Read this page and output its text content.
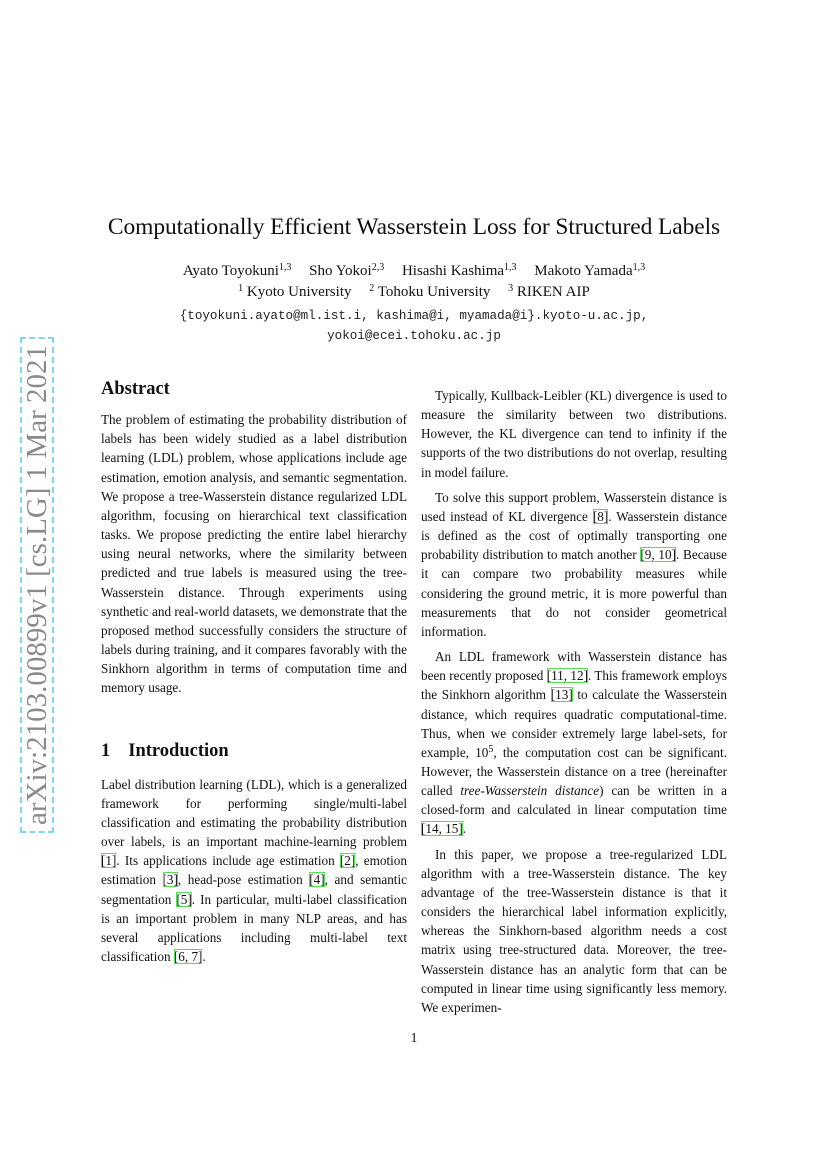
arXiv:2103.00899v1 [cs.LG] 1 Mar 2021
Computationally Efficient Wasserstein Loss for Structured Labels
Ayato Toyokuni$^{1,3}$ Sho Yokoi$^{2,3}$ Hisashi Kashima$^{1,3}$ Makoto Yamada$^{1,3}$
$^1$ Kyoto University $^2$ Tohoku University $^3$ RIKEN AIP
{toyokuni.ayato@ml.ist.i, kashima@i, myamada@i}.kyoto-u.ac.jp,
yokoi@ecei.tohoku.ac.jp
Abstract

The problem of estimating the probability distribution of labels has been widely studied as a label distribution learning (LDL) problem, whose applications include age estimation, emotion analysis, and semantic segmentation. We propose a tree-Wasserstein distance regularized LDL algorithm, focusing on hierarchical text classification tasks. We propose predicting the entire label hierarchy using neural networks, where the similarity between predicted and true labels is measured using the tree-Wasserstein distance. Through experiments using synthetic and real-world datasets, we demonstrate that the proposed method successfully considers the structure of labels during training, and it compares favorably with the Sinkhorn algorithm in terms of computation time and memory usage.

1 Introduction

Label distribution learning (LDL), which is a generalized framework for performing single/multi-label classification and estimating the probability distribution over labels, is an important machine-learning problem [1]. Its applications include age estimation [2], emotion estimation [3], head-pose estimation [4], and semantic segmentation [5]. In particular, multi-label classification is an important problem in many NLP areas, and has several applications including multi-label text classification [6, 7].

Typically, Kullback-Leibler (KL) divergence is used to measure the similarity between two distributions. However, the KL divergence can tend to infinity if the supports of the two distributions do not overlap, resulting in model failure.

To solve this support problem, Wasserstein distance is used instead of KL divergence [8]. Wasserstein distance is defined as the cost of optimally transporting one probability distribution to match another [9, 10]. Because it can compare two probability measures while considering the ground metric, it is more powerful than measurements that do not consider geometrical information.

An LDL framework with Wasserstein distance has been recently proposed [11, 12]. This framework employs the Sinkhorn algorithm [13] to calculate the Wasserstein distance, which requires quadratic computational-time. Thus, when we consider extremely large label-sets, for example, $10^5$, the computation cost can be significant. However, the Wasserstein distance on a tree (hereinafter called tree-Wasserstein distance) can be written in a closed-form and calculated in linear computation time [14, 15].

In this paper, we propose a tree-regularized LDL algorithm with a tree-Wasserstein distance. The key advantage of the tree-Wasserstein distance is that it considers the hierarchical label information explicitly, whereas the Sinkhorn-based algorithm needs a cost matrix using tree-structured data. Moreover, the tree-Wasserstein distance has an analytic form that can be computed in linear time using significantly less memory. We experimen-

1
